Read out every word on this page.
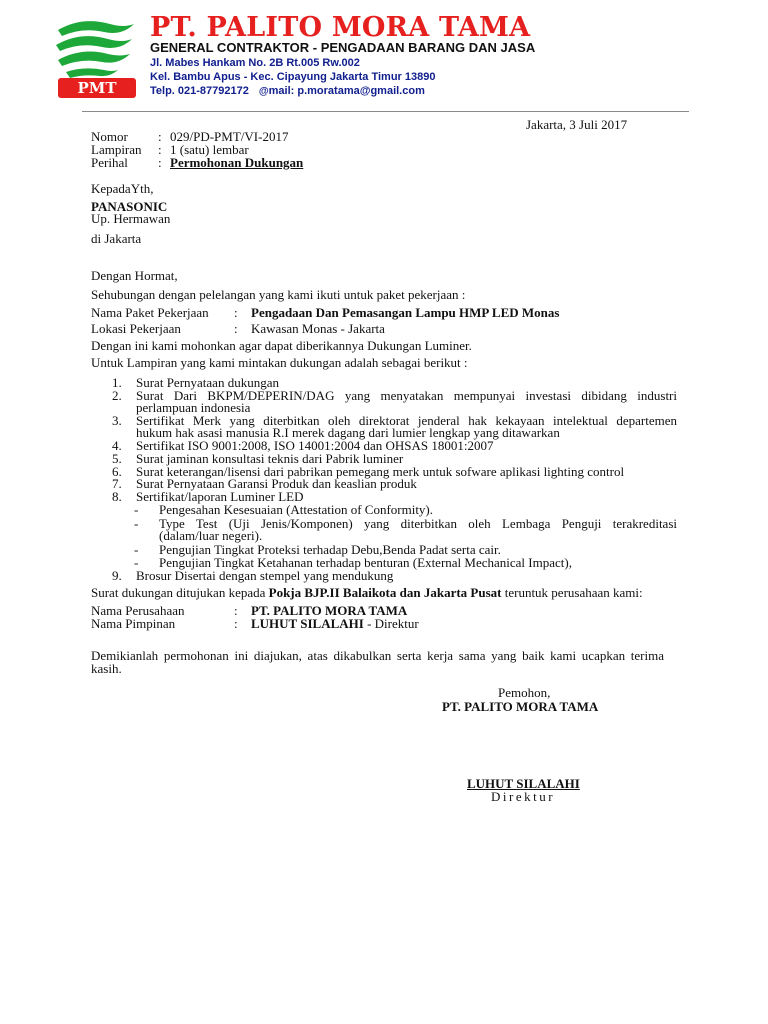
PMT
PT. PALITO MORA TAMA
GENERAL CONTRAKTOR - PENGADAAN BARANG DAN JASA
Jl. Mabes Hankam No. 2B Rt.005 Rw.002
Kel. Bambu Apus - Kec. Cipayung Jakarta Timur 13890
Telp. 021-87792172 @mail: p.moratama@gmail.com
Jakarta, 3 Juli 2017
Nomor : 029/PD-PMT/VI-2017
Lampiran : 1 (satu) lembar
Perihal : Permohonan Dukungan
KepadaYth,
PANASONIC
Up. Hermawan
di Jakarta
Dengan Hormat,
Sehubungan dengan pelelangan yang kami ikuti untuk paket pekerjaan :
Nama Paket Pekerjaan : Pengadaan Dan Pemasangan Lampu HMP LED Monas
Lokasi Pekerjaan	: Kawasan Monas - Jakarta
Dengan ini kami mohonkan agar dapat diberikannya Dukungan Luminer.
Untuk Lampiran yang kami mintakan dukungan adalah sebagai berikut :
1. Surat Pernyataan dukungan
2. Surat Dari BKPM/DEPERIN/DAG yang menyatakan mempunyai investasi dibidang industri
perlampuan indonesia
3. Sertifikat Merk yang diterbitkan oleh direktorat jenderal hak kekayaan intelektual departemen
hukum hak asasi manusia R.I merek dagang dari lumier lengkap yang ditawarkan
4. Sertifikat ISO 9001:2008, ISO 14001:2004 dan OHSAS 18001:2007
5. Surat jaminan konsultasi teknis dari Pabrik luminer
6. Surat keterangan/lisensi dari pabrikan pemegang merk untuk sofware aplikasi lighting control
7. Surat Pernyataan Garansi Produk dan keaslian produk
8. Sertifikat/laporan Luminer LED
- Pengesahan Kesesuaian (Attestation of Conformity).
- Type Test (Uji Jenis/Komponen) yang diterbitkan oleh Lembaga Penguji terakreditasi
(dalam/luar negeri).
- Pengujian Tingkat Proteksi terhadap Debu,Benda Padat serta cair.
- Pengujian Tingkat Ketahanan terhadap benturan (External Mechanical Impact),
9. Brosur Disertai dengan stempel yang mendukung
Surat dukungan ditujukan kepada Pokja BJP.II Balaikota dan Jakarta Pusat teruntuk perusahaan kami:
Nama Perusahaan	: PT. PALITO MORA TAMA
Nama Pimpinan	: LUHUT SILALAHI - Direktur
Demikianlah permohonan ini diajukan, atas dikabulkan serta kerja sama yang baik kami ucapkan terima
kasih.
Pemohon,
PT. PALITO MORA TAMA
LUHUT SILALAHI
Direktur
